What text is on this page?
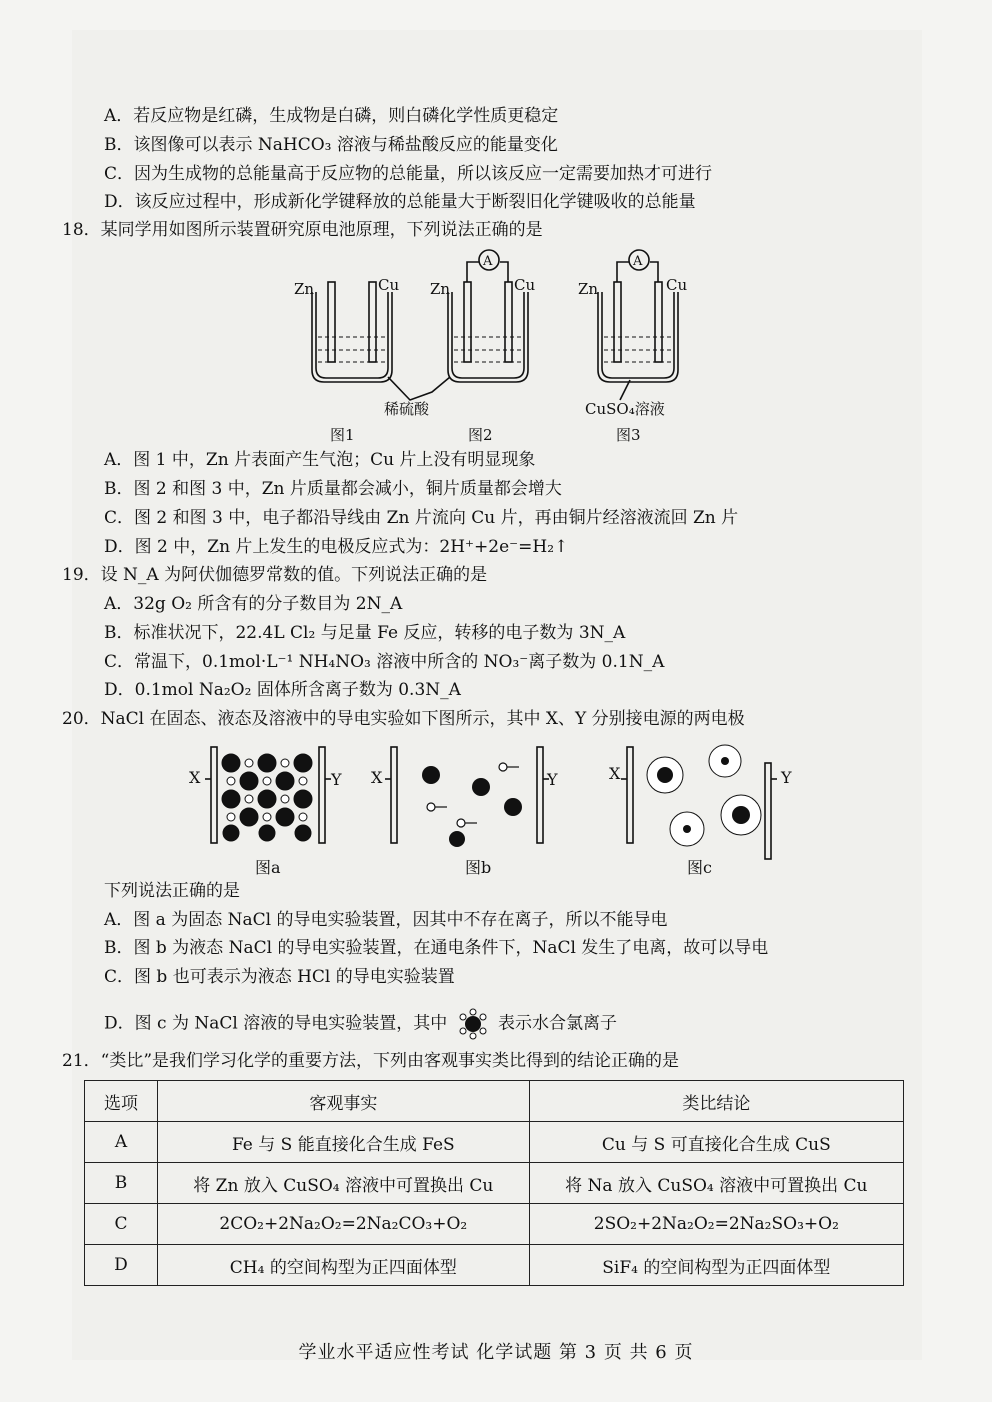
A．若反应物是红磷，生成物是白磷，则白磷化学性质更稳定
B．该图像可以表示 NaHCO₃ 溶液与稀盐酸反应的能量变化
C．因为生成物的总能量高于反应物的总能量，所以该反应一定需要加热才可进行
D．该反应过程中，形成新化学键释放的总能量大于断裂旧化学键吸收的总能量
18．某同学用如图所示装置研究原电池原理，下列说法正确的是
Zn	Cu Zn	Cu
A
Zn	Cu
A
稀硫酸	CuSO₄溶液
图1	图2	图3
A．图 1 中，Zn 片表面产生气泡；Cu 片上没有明显现象
B．图 2 和图 3 中，Zn 片质量都会减小，铜片质量都会增大
C．图 2 和图 3 中，电子都沿导线由 Zn 片流向 Cu 片，再由铜片经溶液流回 Zn 片
D．图 2 中，Zn 片上发生的电极反应式为：2H⁺+2e⁻=H₂↑
19．设 N_A 为阿伏伽德罗常数的值。下列说法正确的是
A．32g O₂ 所含有的分子数目为 2N_A
B．标准状况下，22.4L Cl₂ 与足量 Fe 反应，转移的电子数为 3N_A
C．常温下，0.1mol·L⁻¹ NH₄NO₃ 溶液中所含的 NO₃⁻离子数为 0.1N_A
D．0.1mol Na₂O₂ 固体所含离子数为 0.3N_A
20．NaCl 在固态、液态及溶液中的导电实验如下图所示，其中 X、Y 分别接电源的两电极
X	Y X	Y	X	Y
图a	图b	图c
下列说法正确的是
A．图 a 为固态 NaCl 的导电实验装置，因其中不存在离子，所以不能导电
B．图 b 为液态 NaCl 的导电实验装置，在通电条件下，NaCl 发生了电离，故可以导电
C．图 b 也可表示为液态 HCl 的导电实验装置
D．图 c 为 NaCl 溶液的导电实验装置，其中	表示水合氯离子
21．“类比”是我们学习化学的重要方法，下列由客观事实类比得到的结论正确的是
选项	客观事实	类比结论
A	Fe 与 S 能直接化合生成 FeS	Cu 与 S 可直接化合生成 CuS
B	将 Zn 放入 CuSO₄ 溶液中可置换出 Cu	将 Na 放入 CuSO₄ 溶液中可置换出 Cu
C	2CO₂+2Na₂O₂=2Na₂CO₃+O₂	2SO₂+2Na₂O₂=2Na₂SO₃+O₂
D	CH₄ 的空间构型为正四面体型	SiF₄ 的空间构型为正四面体型
学业水平适应性考试 化学试题 第 3 页 共 6 页
